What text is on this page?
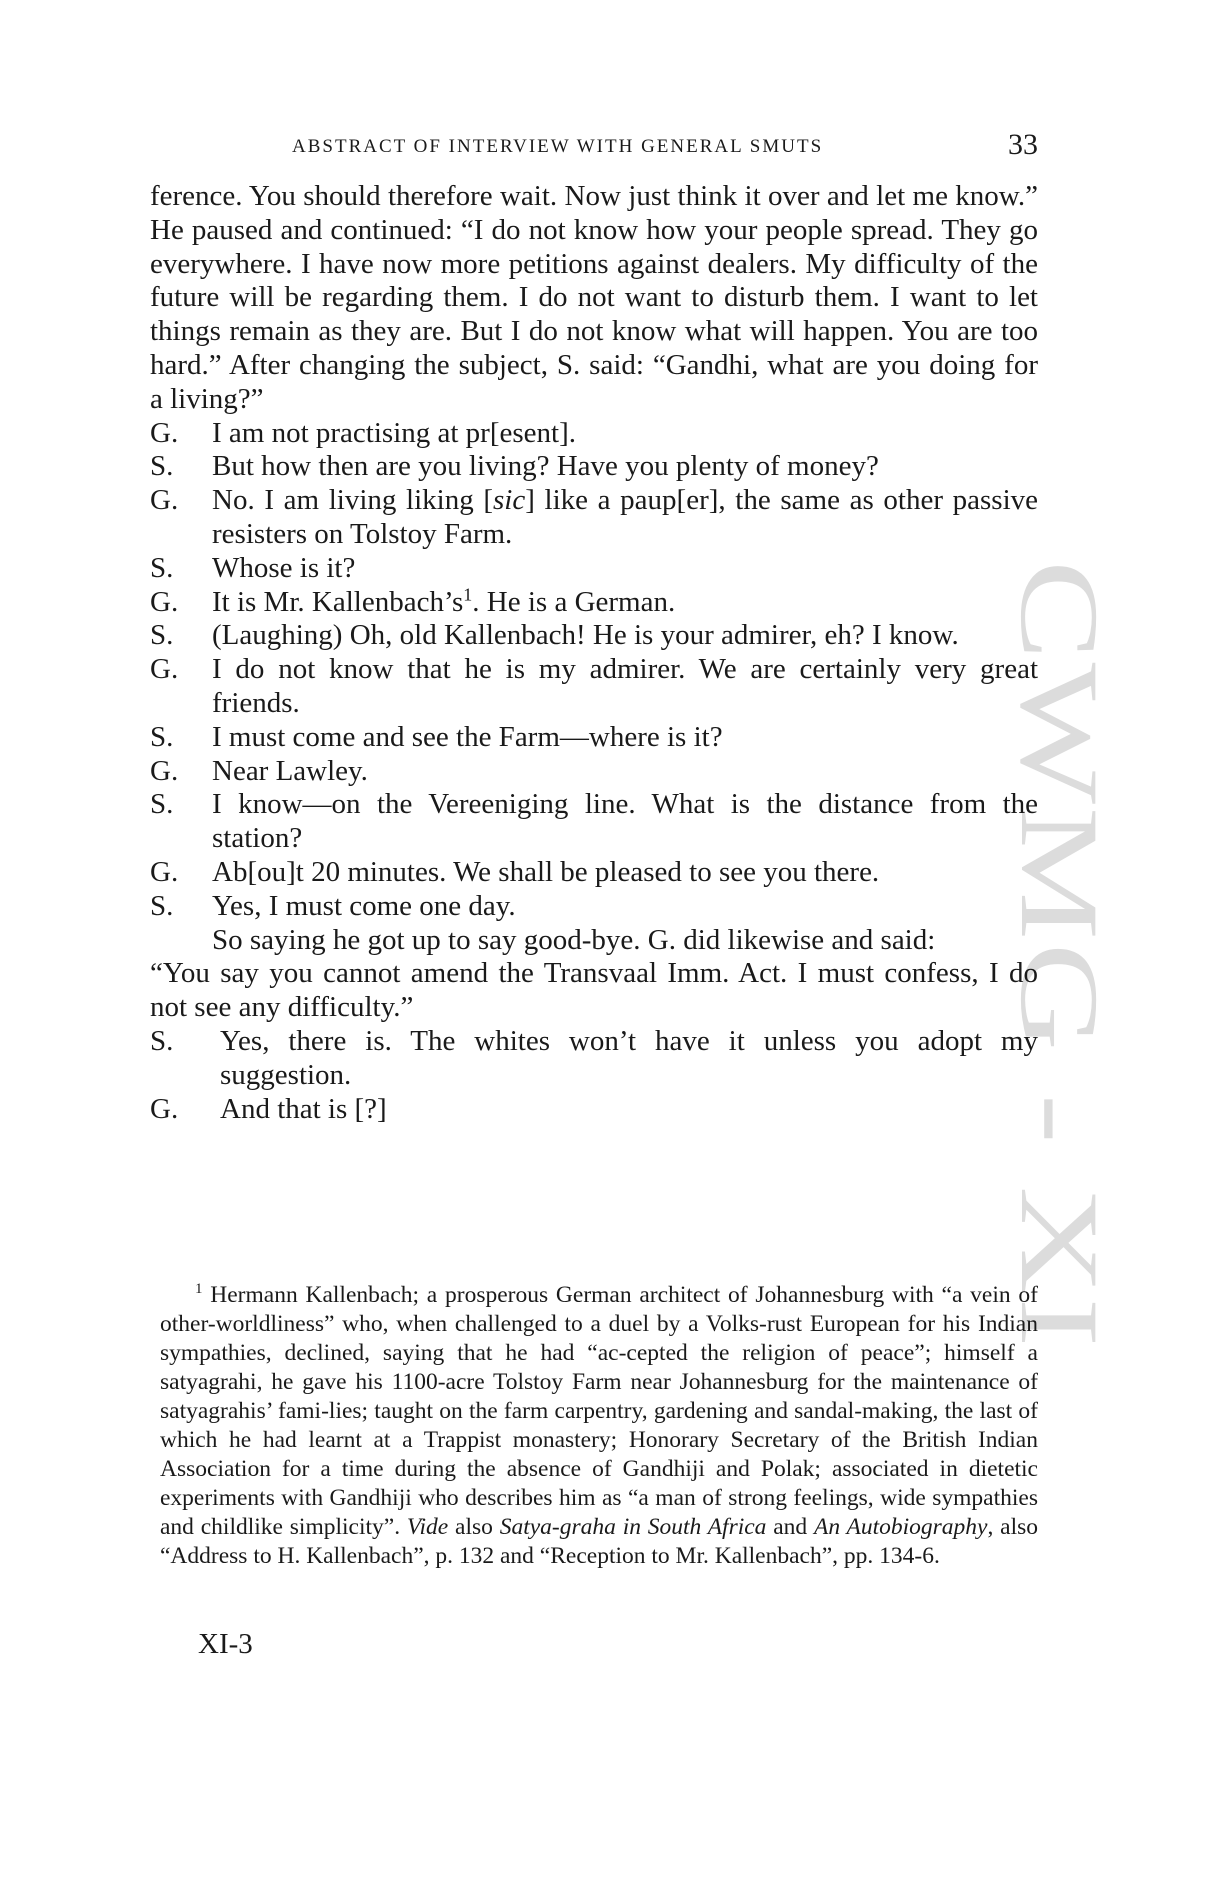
CWMG - XI
ABSTRACT OF INTERVIEW WITH GENERAL SMUTS	33

ference. You should therefore wait. Now just think it over and let me know.” He paused and continued: “I do not know how your people spread. They go everywhere. I have now more petitions against dealers. My difficulty of the future will be regarding them. I do not want to disturb them. I want to let things remain as they are. But I do not know what will happen. You are too hard.” After changing the subject, S. said: “Gandhi, what are you doing for a living?”

G.	I am not practising at pr[esent].
S.	But how then are you living? Have you plenty of money?
G.	No. I am living liking [sic] like a paup[er], the same as other passive resisters on Tolstoy Farm.
S.	Whose is it?
G.	It is Mr. Kallenbach’s$^1$. He is a German.
S.	(Laughing) Oh, old Kallenbach! He is your admirer, eh? I know.
G.	I do not know that he is my admirer. We are certainly very great friends.
S.	I must come and see the Farm—where is it?
G.	Near Lawley.
S.	I know—on the Vereeniging line. What is the distance from the station?
G.	Ab[ou]t 20 minutes. We shall be pleased to see you there.
S.	Yes, I must come one day.

So saying he got up to say good-bye. G. did likewise and said:

“You say you cannot amend the Transvaal Imm. Act. I must confess, I do not see any difficulty.”

S.	Yes, there is. The whites won’t have it unless you adopt my suggestion.
G.	And that is [?]

$^1$ Hermann Kallenbach; a prosperous German architect of Johannesburg with “a vein of other-worldliness” who, when challenged to a duel by a Volks-rust European for his Indian sympathies, declined, saying that he had “ac-cepted the religion of peace”; himself a satyagrahi, he gave his 1100-acre Tolstoy Farm near Johannesburg for the maintenance of satyagrahis’ fami-lies; taught on the farm carpentry, gardening and sandal-making, the last of which he had learnt at a Trappist monastery; Honorary Secretary of the British Indian Association for a time during the absence of Gandhiji and Polak; associated in dietetic experiments with Gandhiji who describes him as “a man of strong feelings, wide sympathies and childlike simplicity”. Vide also Satya-graha in South Africa and An Autobiography, also “Address to H. Kallenbach”, p. 132 and “Reception to Mr. Kallenbach”, pp. 134-6.

XI-3
